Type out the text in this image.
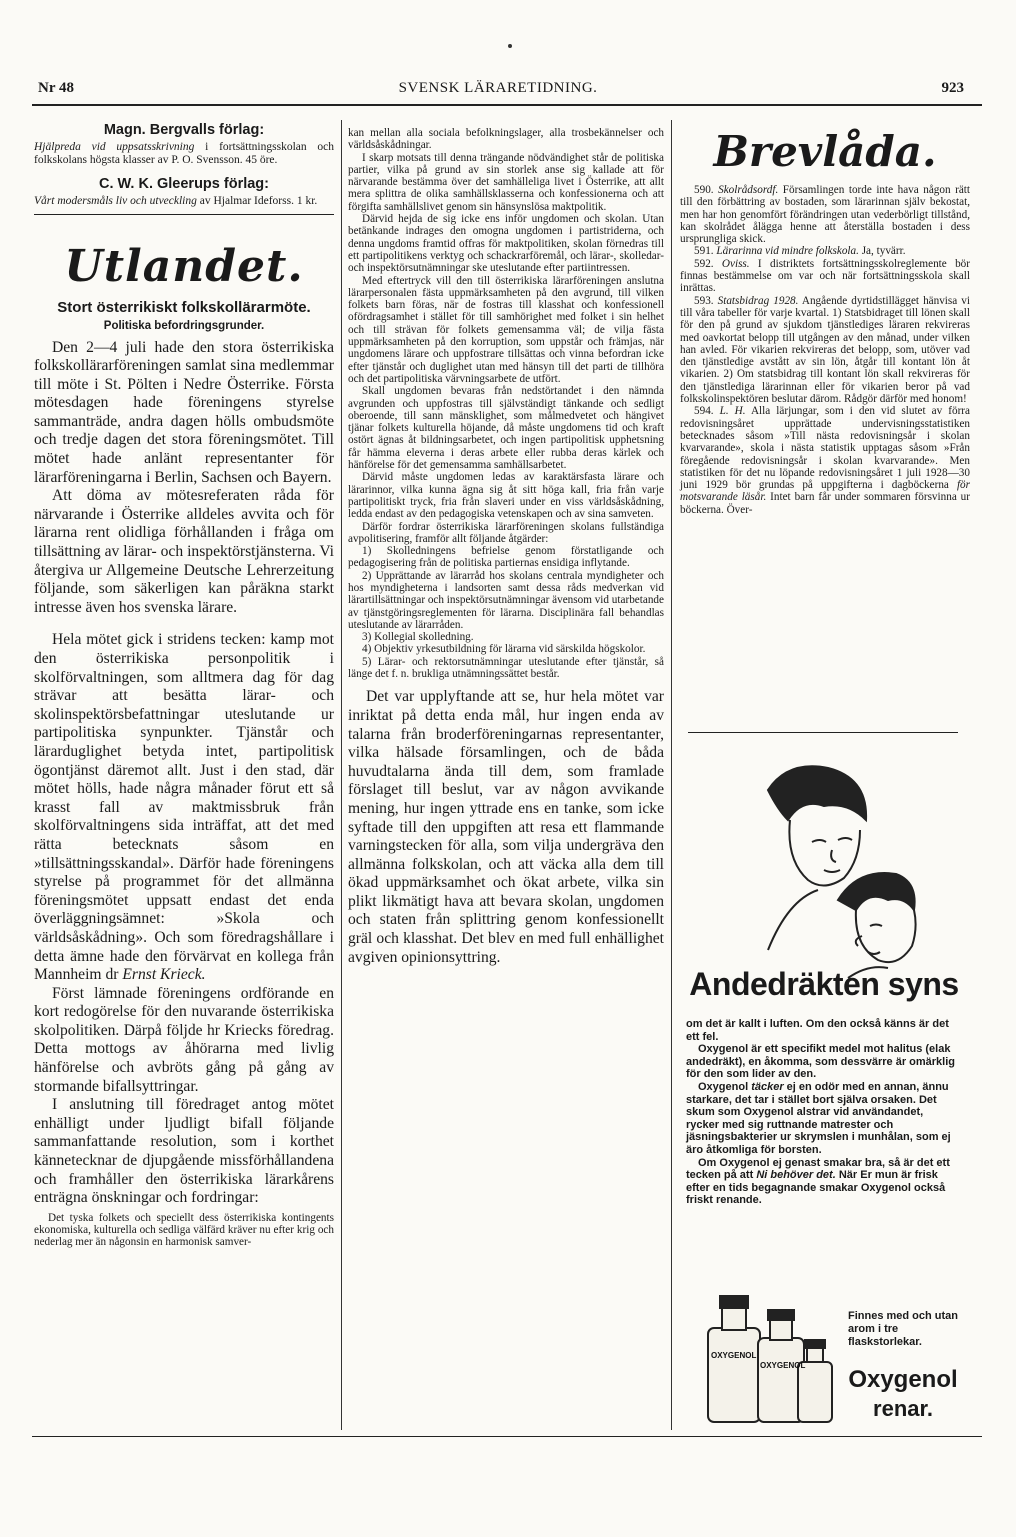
Nr 48	SVENSK LÄRARETIDNING.	923

Magn. Bergvalls förlag:

Hjälpreda vid uppsatsskrivning i fortsättningsskolan och folkskolans högsta klasser av P. O. Svensson. 45 öre.

C. W. K. Gleerups förlag:

Vårt modersmåls liv och utveckling av Hjalmar Ideforss. 1 kr.

Utlandet.
Stort österrikiskt folkskollärarmöte.
Politiska befordringsgrunder.

Den 2—4 juli hade den stora österrikiska folkskollärarföreningen samlat sina medlemmar till möte i St. Pölten i Nedre Österrike. Första mötesdagen hade föreningens styrelse sammanträde, andra dagen hölls ombudsmöte och tredje dagen det stora föreningsmötet. Till mötet hade anlänt representanter för lärarföreningarna i Berlin, Sachsen och Bayern.

Att döma av mötesreferaten råda för närvarande i Österrike alldeles avvita och för lärarna rent olidliga förhållanden i fråga om tillsättning av lärar- och inspektörstjänsterna. Vi återgiva ur Allgemeine Deutsche Lehrerzeitung följande, som säkerligen kan påräkna starkt intresse även hos svenska lärare.

Hela mötet gick i stridens tecken: kamp mot den österrikiska personpolitik i skolförvaltningen, som alltmera dag för dag strävar att besätta lärar- och skolinspektörsbefattningar uteslutande ur partipolitiska synpunkter. Tjänstår och lärarduglighet betyda intet, partipolitisk ögontjänst däremot allt. Just i den stad, där mötet hölls, hade några månader förut ett så krasst fall av maktmissbruk från skolförvaltningens sida inträffat, att det med rätta betecknats såsom en »tillsättningsskandal». Därför hade föreningens styrelse på programmet för det allmänna föreningsmötet uppsatt endast det enda överläggningsämnet: »Skola och världsåskådning». Och som föredragshållare i detta ämne hade den förvärvat en kollega från Mannheim dr Ernst Krieck.

Först lämnade föreningens ordförande en kort redogörelse för den nuvarande österrikiska skolpolitiken. Därpå följde hr Kriecks föredrag. Detta mottogs av åhörarna med livlig hänförelse och avbröts gång på gång av stormande bifallsyttringar.

I anslutning till föredraget antog mötet enhälligt under ljudligt bifall följande sammanfattande resolution, som i korthet kännetecknar de djupgående missförhållandena och framhåller den österrikiska lärarkårens enträgna önskningar och fordringar:

Det tyska folkets och speciellt dess österrikiska kontingents ekonomiska, kulturella och sedliga välfärd kräver nu efter krig och nederlag mer än någonsin en harmonisk samver-

kan mellan alla sociala befolkningslager, alla trosbekännelser och världsåskådningar.

I skarp motsats till denna trängande nödvändighet står de politiska partier, vilka på grund av sin storlek anse sig kallade att för närvarande bestämma över det samhälleliga livet i Österrike, att allt mera splittra de olika samhällsklasserna och konfessionerna och att förgifta samhällslivet genom sin hänsynslösa maktpolitik.

Därvid hejda de sig icke ens inför ungdomen och skolan. Utan betänkande indrages den omogna ungdomen i partistriderna, och denna ungdoms framtid offras för maktpolitiken, skolan förnedras till ett partipolitikens verktyg och schackrarföremål, och lärar-, skolledar- och inspektörsutnämningar ske uteslutande efter partiintressen.

Med eftertryck vill den till österrikiska lärarföreningen anslutna lärarpersonalen fästa uppmärksamheten på den avgrund, till vilken folkets barn föras, när de fostras till klasshat och konfessionell ofördragsamhet i stället för till samhörighet med folket i sin helhet och till strävan för folkets gemensamma väl; de vilja fästa uppmärksamheten på den korruption, som uppstår och främjas, när ungdomens lärare och uppfostrare tillsättas och vinna befordran icke efter tjänstår och duglighet utan med hänsyn till det parti de tillhöra och det partipolitiska värvningsarbete de utfört.

Skall ungdomen bevaras från nedstörtandet i den nämnda avgrunden och uppfostras till självständigt tänkande och sedligt oberoende, till sann mänsklighet, som målmedvetet och hängivet tjänar folkets kulturella höjande, då måste ungdomens tid och kraft ostört ägnas åt bildningsarbetet, och ingen partipolitisk upphetsning får hämma eleverna i deras arbete eller rubba deras kärlek och hänförelse för det gemensamma samhällsarbetet.

Därvid måste ungdomen ledas av karaktärsfasta lärare och lärarinnor, vilka kunna ägna sig åt sitt höga kall, fria från varje partipolitiskt tryck, fria från slaveri under en viss världsåskådning, ledda endast av den pedagogiska vetenskapen och av sina samveten.

Därför fordrar österrikiska lärarföreningen skolans fullständiga avpolitisering, framför allt följande åtgärder:

1) Skolledningens befrielse genom förstatligande och pedagogisering från de politiska partiernas ensidiga inflytande.

2) Upprättande av lärarråd hos skolans centrala myndigheter och hos myndigheterna i landsorten samt dessa råds medverkan vid lärartillsättningar och inspektörsutnämningar ävensom vid utarbetande av tjänstgöringsreglementen för lärarna. Disciplinära fall behandlas uteslutande av lärarråden.

3) Kollegial skolledning.

4) Objektiv yrkesutbildning för lärarna vid särskilda högskolor.

5) Lärar- och rektorsutnämningar uteslutande efter tjänstår, så länge det f. n. brukliga utnämningssättet består.

Det var upplyftande att se, hur hela mötet var inriktat på detta enda mål, hur ingen enda av talarna från broderföreningarnas representanter, vilka hälsade församlingen, och de båda huvudtalarna ända till dem, som framlade förslaget till beslut, var av någon avvikande mening, hur ingen yttrade ens en tanke, som icke syftade till den uppgiften att resa ett flammande varningstecken för alla, som vilja undergräva den allmänna folkskolan, och att väcka alla dem till ökad uppmärksamhet och ökat arbete, vilka sin plikt likmätigt hava att bevara skolan, ungdomen och staten från splittring genom konfessionellt gräl och klasshat. Det blev en med full enhällighet avgiven opinionsyttring.

Brevlåda.

590. Skolrådsordf. Församlingen torde inte hava någon rätt till den förbättring av bostaden, som lärarinnan själv bekostat, men har hon genomfört förändringen utan vederbörligt tillstånd, kan skolrådet ålägga henne att återställa bostaden i dess ursprungliga skick.

591. Lärarinna vid mindre folkskola. Ja, tyvärr.

592. Oviss. I distriktets fortsättningsskolreglemente bör finnas bestämmelse om var och när fortsättningsskola skall inrättas.

593. Statsbidrag 1928. Angående dyrtidstillägget hänvisa vi till våra tabeller för varje kvartal. 1) Statsbidraget till lönen skall för den på grund av sjukdom tjänstlediges läraren rekvireras med oavkortat belopp till utgången av den månad, under vilken han avled. För vikarien rekvireras det belopp, som, utöver vad den tjänstledige avstått av sin lön, åtgår till kontant lön åt vikarien. 2) Om statsbidrag till kontant lön skall rekvireras för den tjänstlediga lärarinnan eller för vikarien beror på vad folkskolinspektören beslutar därom. Rådgör därför med honom!

594. L. H. Alla lärjungar, som i den vid slutet av förra redovisningsåret upprättade undervisningsstatistiken betecknades såsom »Till nästa redovisningsår i skolan kvarvarande», skola i nästa statistik upptagas såsom »Från föregående redovisningsår i skolan kvarvarande». Men statistiken för det nu löpande redovisningsåret 1 juli 1928—30 juni 1929 bör grundas på uppgifterna i dagböckerna för motsvarande läsår. Intet barn får under sommaren försvinna ur böckerna. Över-

Andedräkten syns

om det är kallt i luften. Om den också känns är det ett fel.

Oxygenol är ett specifikt medel mot halitus (elak andedräkt), en åkomma, som dessvärre är omärklig för den som lider av den.

Oxygenol täcker ej en odör med en annan, ännu starkare, det tar i stället bort själva orsaken. Det skum som Oxygenol alstrar vid användandet, rycker med sig ruttnande matrester och jäsningsbakterier ur skrymslen i munhålan, som ej äro åtkomliga för borsten.

Om Oxygenol ej genast smakar bra, så är det ett tecken på att Ni behöver det. När Er mun är frisk efter en tids begagnande smakar Oxygenol också friskt renande.

OXYGENOL
OXYGENOL
Finnes med och utan arom i tre flaskstorlekar.
Oxygenol
renar.
